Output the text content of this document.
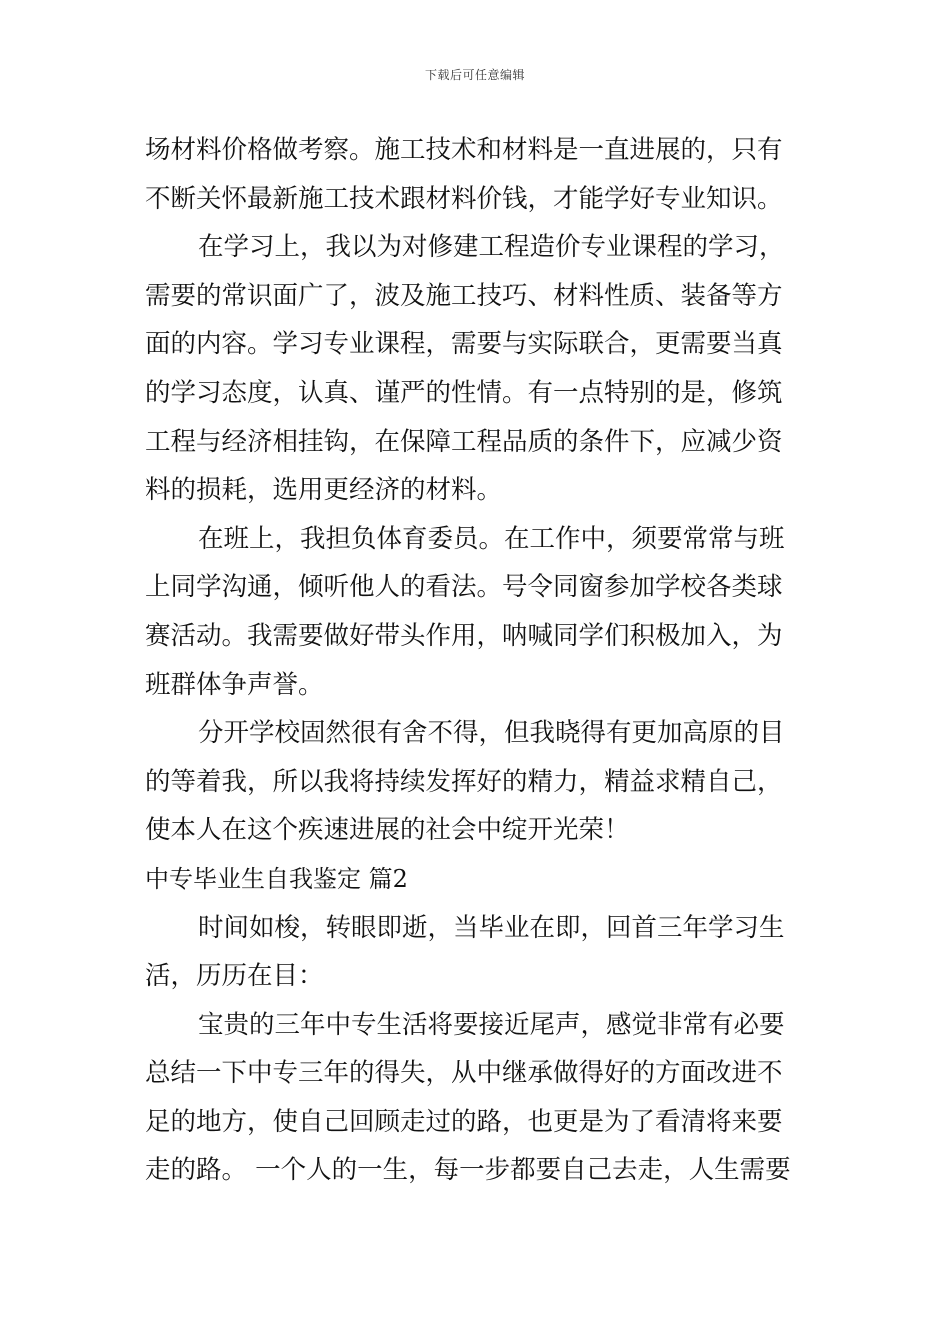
下载后可任意编辑
场材料价格做考察。施工技术和材料是一直进展的，只有
不断关怀最新施工技术跟材料价钱，才能学好专业知识。
在学习上，我以为对修建工程造价专业课程的学习，
需要的常识面广了，波及施工技巧、材料性质、装备等方
面的内容。学习专业课程，需要与实际联合，更需要当真
的学习态度，认真、谨严的性情。有一点特别的是，修筑
工程与经济相挂钩，在保障工程品质的条件下，应减少资
料的损耗，选用更经济的材料。
在班上，我担负体育委员。在工作中，须要常常与班
上同学沟通，倾听他人的看法。号令同窗参加学校各类球
赛活动。我需要做好带头作用，呐喊同学们积极加入，为
班群体争声誉。
分开学校固然很有舍不得，但我晓得有更加高原的目
的等着我，所以我将持续发挥好的精力，精益求精自己，
使本人在这个疾速进展的社会中绽开光荣！
中专毕业生自我鉴定 篇2
时间如梭，转眼即逝，当毕业在即，回首三年学习生
活，历历在目：
宝贵的三年中专生活将要接近尾声，感觉非常有必要
总结一下中专三年的得失，从中继承做得好的方面改进不
足的地方，使自己回顾走过的路，也更是为了看清将来要
走的路。 一个人的一生，每一步都要自己去走，人生需要
